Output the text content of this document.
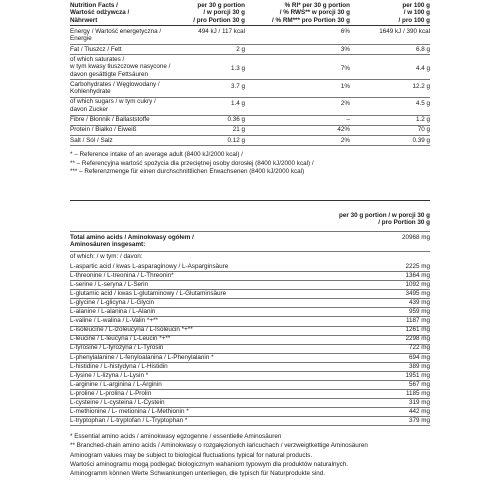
Nutrition Facts /
Wartość odżywcza /
Nährwert
per 30 g portion
/ w porcji 30 g
/ pro Portion 30 g
% RI* per 30 g portion
/ % RWS** w porcji 30 g
/ % RM*** pro Portion 30 g
per 100 g
/ w 100 g
/ pro 100 g
Energy / Wartość energetyczna /
Energie
494 kJ / 117 kcal	6%	1649 kJ / 390 kcal
Fat / Tłuszcz / Fett	2 g	3%	6.8 g
of which saturates /
w tym kwasy tłuszczowe nasycone /
davon gesättigte Fettsäuren
1.3 g	7%	4.4 g
Carbohydrates / Węglowodany /
Kohlenhydrate
3.7 g	1%	12.2 g
of which sugars / w tym cukry /
davon Zucker
1.4 g	2%	4.5 g
Fibre / Błonnik / Ballaststoffe	0.36 g	–	1.2 g
Protein / Białko / Eiweiß	21 g	42%	70 g
Salt / Sól / Salz	0.12 g	2%	0.39 g
* – Reference intake of an average adult (8400 kJ/2000 kcal) /
** – Referencyjna wartość spożycia dla przeciętnej osoby dorosłej (8400 kJ/2000 kcal) /
*** – Referenzmenge für einen durchschnittlichen Erwachsenen (8400 kJ/2000 kcal)
per 30 g portion / w porcji 30 g
/ pro Portion 30 g
Total amino acids / Aminokwasy ogółem /
Aminosäuren insgesamt:
20968 mg
of which: / w tym: / davon:
L-aspartic acid / kwas L-asparaginowy / L-Asparginsäure	2225 mg
L-threonine / L-treonina / L-Threonin*	1364 mg
L-serine / L-seryna / L-Serin	1092 mg
L-glutamic acid / kwas L-glutaminowy / L-Glutaminsäure	3495 mg
L-glycine / L-glicyna / L-Glycin	439 mg
L-alanine / L-alanina / L-Alanin	959 mg
L-valine / L-walina / L-Valin *+**	1187 mg
L-isoleucine / L-izoleucyna / L-Isoleucin *+**	1261 mg
L-leucine / L-leucyna / L-Leucin *+**	2298 mg
L-tyrosine / L-tyrozyna / L-Tyrosin	722 mg
L-phenylalanine / L-fenyloalanina / L-Phenylalanin *	694 mg
L-histidine / L-histydyna / L-Histidin	389 mg
L-lysine / L-lizyna / L-Lysin *	1951 mg
L-arginine / L-arginina / L-Arginin	567 mg
L-proline / L-prolina / L-Prolin	1185 mg
L-cysteine / L-cysteina / L-Cystein	319 mg
L-methionine / L- metionina / L-Methionin *	442 mg
L-tryptophan / L-tryptofan / L-Tryptophan *	379 mg
* Essential amino acids / aminokwasy egzogenne / essentielle Aminosäuren
** Branched-chain amino acids / Aminokwasy o rozgałęzionych łańcuchach / verzweigtkettige Aminosäuren
Aminogram values may be subject to biological fluctuations typical for natural products.
Wartości aminogramu mogą podlegać biologicznym wahaniom typowym dla produktów naturalnych.
Aminogramm können Werte Schwankungen unterliegen, die typisch für Naturprodukte sind.
